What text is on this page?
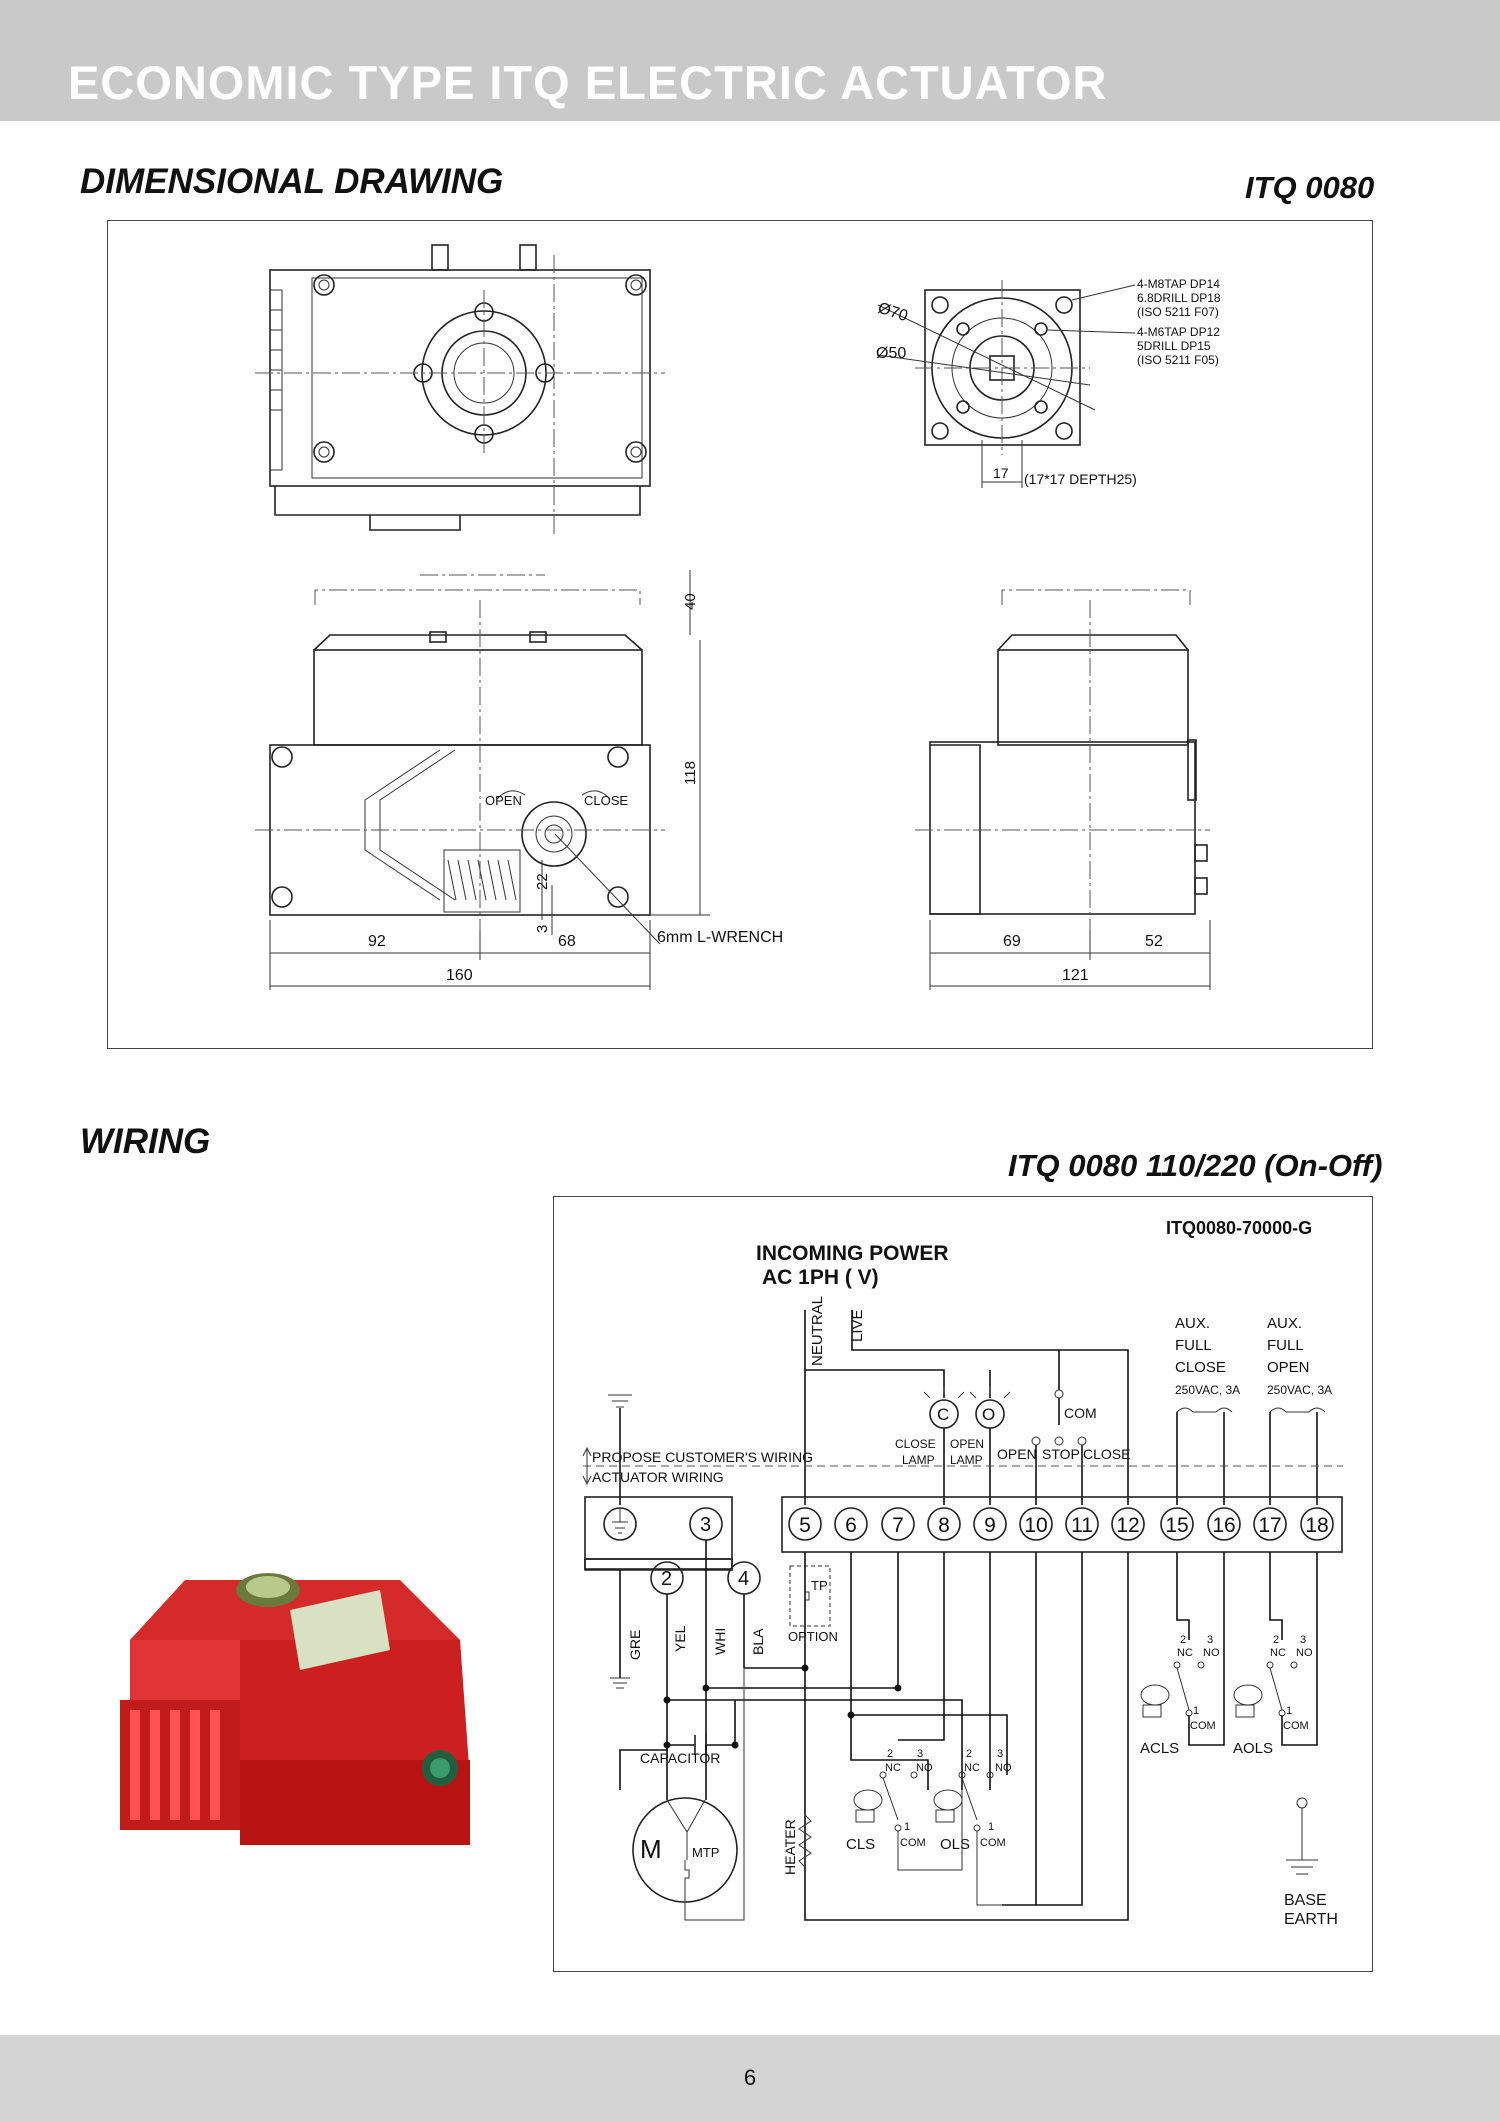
ECONOMIC TYPE ITQ ELECTRIC ACTUATOR
DIMENSIONAL DRAWING	ITQ 0080
Ø70
Ø50
4-M8TAP DP14
6.8DRILL DP18
(ISO 5211 F07)
4-M6TAP DP12
5DRILL DP15
(ISO 5211 F05)
17 (17*17 DEPTH25)
40
118
OPEN	CLOSE
22
3
6mm L-WRENCH
92	68
160
69	52
121
WIRING
ITQ 0080 110/220 (On-Off)
ITQ0080-70000-G
INCOMING POWER
AC 1PH ( V)
NEUTRAL LIVE	AUX.
FULL
CLOSE
250VAC, 3A
AUX.
FULL
OPEN
250VAC, 3A
C O	COM
CLOSE
LAMP
OPEN
LAMP OPEN STOP CLOSE
PROPOSE CUSTOMER'S WIRING
ACTUATOR WIRING
3
2	4
5 6 7 8 9 10 11 12 15 16 17 18
GRE YEL WHI BLA
TP
OPTION
CAPACITOR
M MTP	HEATER
2
NC
3
NO
1
COM
CLS
2
NC
3
NO
1
COM
OLS
2
NC
3
NO
1
COM
ACLS
2
NC
3
NO
1
COM
AOLS
BASE
EARTH
6
